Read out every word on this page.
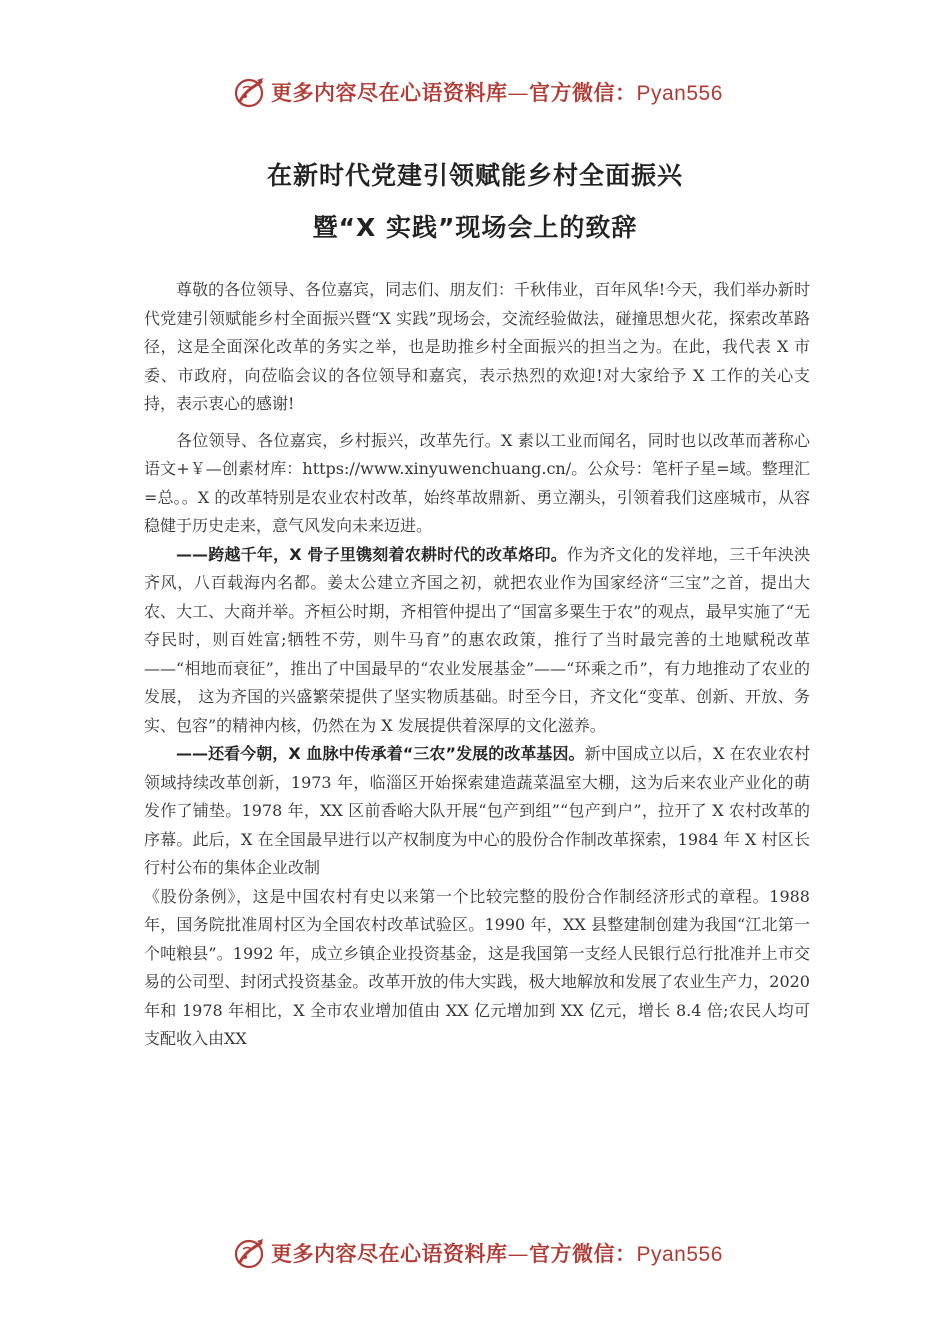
更多内容尽在心语资料库—官方微信：Pyan556
在新时代党建引领赋能乡村全面振兴
暨“X 实践”现场会上的致辞

尊敬的各位领导、各位嘉宾，同志们、朋友们：千秋伟业，百年风华!今天，我们举办新时代党建引领赋能乡村全面振兴暨“X 实践”现场会，交流经验做法，碰撞思想火花，探索改革路径，这是全面深化改革的务实之举，也是助推乡村全面振兴的担当之为。在此，我代表 X 市委、市政府，向莅临会议的各位领导和嘉宾，表示热烈的欢迎!对大家给予 X 工作的关心支持，表示衷心的感谢!

各位领导、各位嘉宾，乡村振兴，改革先行。X 素以工业而闻名，同时也以改革而著称心语文+￥—创素材库：https://www.xinyuwenchuang.cn/。公众号：笔杆子星=域。整理汇=总。。X 的改革特别是农业农村改革，始终革故鼎新、勇立潮头，引领着我们这座城市，从容稳健于历史走来，意气风发向未来迈进。

——跨越千年，X 骨子里镌刻着农耕时代的改革烙印。作为齐文化的发祥地，三千年泱泱齐风，八百载海内名都。姜太公建立齐国之初，就把农业作为国家经济“三宝”之首，提出大农、大工、大商并举。齐桓公时期，齐相管仲提出了“国富多粟生于农”的观点，最早实施了“无夺民时，则百姓富;牺牲不劳，则牛马育”的惠农政策，推行了当时最完善的土地赋税改革——“相地而衰征”，推出了中国最早的“农业发展基金”——“环乘之币”，有力地推动了农业的发展， 这为齐国的兴盛繁荣提供了坚实物质基础。时至今日，齐文化“变革、创新、开放、务实、包容”的精神内核，仍然在为 X 发展提供着深厚的文化滋养。

——还看今朝，X 血脉中传承着“三农”发展的改革基因。新中国成立以后，X 在农业农村领域持续改革创新，1973 年，临淄区开始探索建造蔬菜温室大棚，这为后来农业产业化的萌发作了铺垫。1978 年，XX 区前香峪大队开展“包产到组”“包产到户”，拉开了 X 农村改革的序幕。此后，X 在全国最早进行以产权制度为中心的股份合作制改革探索，1984 年 X 村区长行村公布的集体企业改制

《股份条例》，这是中国农村有史以来第一个比较完整的股份合作制经济形式的章程。1988 年，国务院批准周村区为全国农村改革试验区。1990 年，XX 县整建制创建为我国“江北第一个吨粮县”。1992 年，成立乡镇企业投资基金，这是我国第一支经人民银行总行批准并上市交易的公司型、封闭式投资基金。改革开放的伟大实践，极大地解放和发展了农业生产力，2020 年和 1978 年相比，X 全市农业增加值由 XX 亿元增加到 XX 亿元，增长 8.4 倍;农民人均可支配收入由XX

更多内容尽在心语资料库—官方微信：Pyan556
